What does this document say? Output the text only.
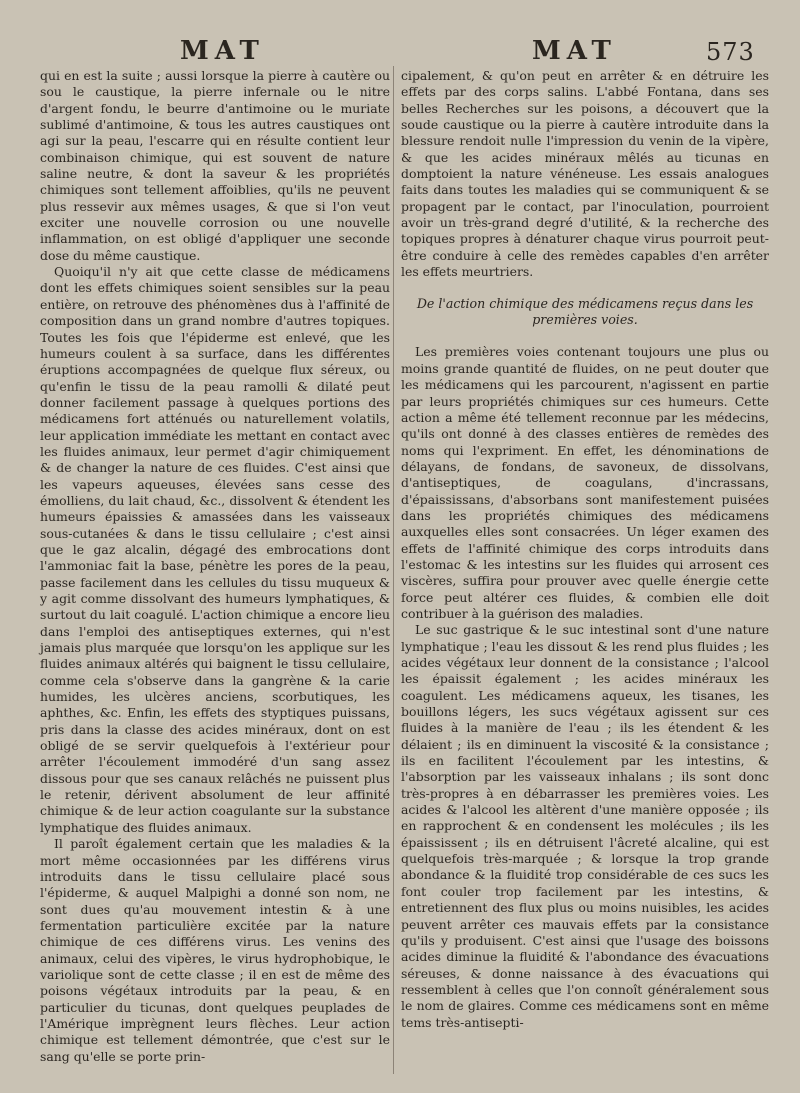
MAT	MAT	573

qui en est la suite ; aussi lorsque la pierre à cautère ou sou le caustique, la pierre infernale ou le nitre d'argent fondu, le beurre d'antimoine ou le muriate sublimé d'antimoine, & tous les autres caustiques ont agi sur la peau, l'escarre qui en résulte contient leur combinaison chimique, qui est souvent de nature saline neutre, & dont la saveur & les propriétés chimiques sont tellement affoiblies, qu'ils ne peuvent plus ressevir aux mêmes usages, & que si l'on veut exciter une nouvelle corrosion ou une nouvelle inflammation, on est obligé d'appliquer une seconde dose du même caustique.

Quoiqu'il n'y ait que cette classe de médicamens dont les effets chimiques soient sensibles sur la peau entière, on retrouve des phénomènes dus à l'affinité de composition dans un grand nombre d'autres topiques. Toutes les fois que l'épiderme est enlevé, que les humeurs coulent à sa surface, dans les différentes éruptions accompagnées de quelque flux séreux, ou qu'enfin le tissu de la peau ramolli & dilaté peut donner facilement passage à quelques portions des médicamens fort atténués ou naturellement volatils, leur application immédiate les mettant en contact avec les fluides animaux, leur permet d'agir chimiquement & de changer la nature de ces fluides. C'est ainsi que les vapeurs aqueuses, élevées sans cesse des émolliens, du lait chaud, &c., dissolvent & étendent les humeurs épaissies & amassées dans les vaisseaux sous-cutanées & dans le tissu cellulaire ; c'est ainsi que le gaz alcalin, dégagé des embrocations dont l'ammoniac fait la base, pénètre les pores de la peau, passe facilement dans les cellules du tissu muqueux & y agit comme dissolvant des humeurs lymphatiques, & surtout du lait coagulé. L'action chimique a encore lieu dans l'emploi des antiseptiques externes, qui n'est jamais plus marquée que lorsqu'on les applique sur les fluides animaux altérés qui baignent le tissu cellulaire, comme cela s'observe dans la gangrène & la carie humides, les ulcères anciens, scorbutiques, les aphthes, &c. Enfin, les effets des styptiques puissans, pris dans la classe des acides minéraux, dont on est obligé de se servir quelquefois à l'extérieur pour arrêter l'écoulement immodéré d'un sang assez dissous pour que ses canaux relâchés ne puissent plus le retenir, dérivent absolument de leur affinité chimique & de leur action coagulante sur la substance lymphatique des fluides animaux.

Il paroît également certain que les maladies & la mort même occasionnées par les différens virus introduits dans le tissu cellulaire placé sous l'épiderme, & auquel Malpighi a donné son nom, ne sont dues qu'au mouvement intestin & à une fermentation particulière excitée par la nature chimique de ces différens virus. Les venins des animaux, celui des vipères, le virus hydrophobique, le variolique sont de cette classe ; il en est de même des poisons végétaux introduits par la peau, & en particulier du ticunas, dont quelques peuplades de l'Amérique imprègnent leurs flèches. Leur action chimique est tellement démontrée, que c'est sur le sang qu'elle se porte prin-

cipalement, & qu'on peut en arrêter & en détruire les effets par des corps salins. L'abbé Fontana, dans ses belles Recherches sur les poisons, a découvert que la soude caustique ou la pierre à cautère introduite dans la blessure rendoit nulle l'impression du venin de la vipère, & que les acides minéraux mêlés au ticunas en domptoient la nature vénéneuse. Les essais analogues faits dans toutes les maladies qui se communiquent & se propagent par le contact, par l'inoculation, pourroient avoir un très-grand degré d'utilité, & la recherche des topiques propres à dénaturer chaque virus pourroit peut-être conduire à celle des remèdes capables d'en arrêter les effets meurtriers.

De l'action chimique des médicamens reçus dans les premières voies.

Les premières voies contenant toujours une plus ou moins grande quantité de fluides, on ne peut douter que les médicamens qui les parcourent, n'agissent en partie par leurs propriétés chimiques sur ces humeurs. Cette action a même été tellement reconnue par les médecins, qu'ils ont donné à des classes entières de remèdes des noms qui l'expriment. En effet, les dénominations de délayans, de fondans, de savoneux, de dissolvans, d'antiseptiques, de coagulans, d'incrassans, d'épaississans, d'absorbans sont manifestement puisées dans les propriétés chimiques des médicamens auxquelles elles sont consacrées. Un léger examen des effets de l'affinité chimique des corps introduits dans l'estomac & les intestins sur les fluides qui arrosent ces viscères, suffira pour prouver avec quelle énergie cette force peut altérer ces fluides, & combien elle doit contribuer à la guérison des maladies.

Le suc gastrique & le suc intestinal sont d'une nature lymphatique ; l'eau les dissout & les rend plus fluides ; les acides végétaux leur donnent de la consistance ; l'alcool les épaissit également ; les acides minéraux les coagulent. Les médicamens aqueux, les tisanes, les bouillons légers, les sucs végétaux agissent sur ces fluides à la manière de l'eau ; ils les étendent & les délaient ; ils en diminuent la viscosité & la consistance ; ils en facilitent l'écoulement par les intestins, & l'absorption par les vaisseaux inhalans ; ils sont donc très-propres à en débarrasser les premières voies. Les acides & l'alcool les altèrent d'une manière opposée ; ils en rapprochent & en condensent les molécules ; ils les épaississent ; ils en détruisent l'âcreté alcaline, qui est quelquefois très-marquée ; & lorsque la trop grande abondance & la fluidité trop considérable de ces sucs les font couler trop facilement par les intestins, & entretiennent des flux plus ou moins nuisibles, les acides peuvent arrêter ces mauvais effets par la consistance qu'ils y produisent. C'est ainsi que l'usage des boissons acides diminue la fluidité & l'abondance des évacuations séreuses, & donne naissance à des évacuations qui ressemblent à celles que l'on connoît généralement sous le nom de glaires. Comme ces médicamens sont en même tems très-antisepti-
